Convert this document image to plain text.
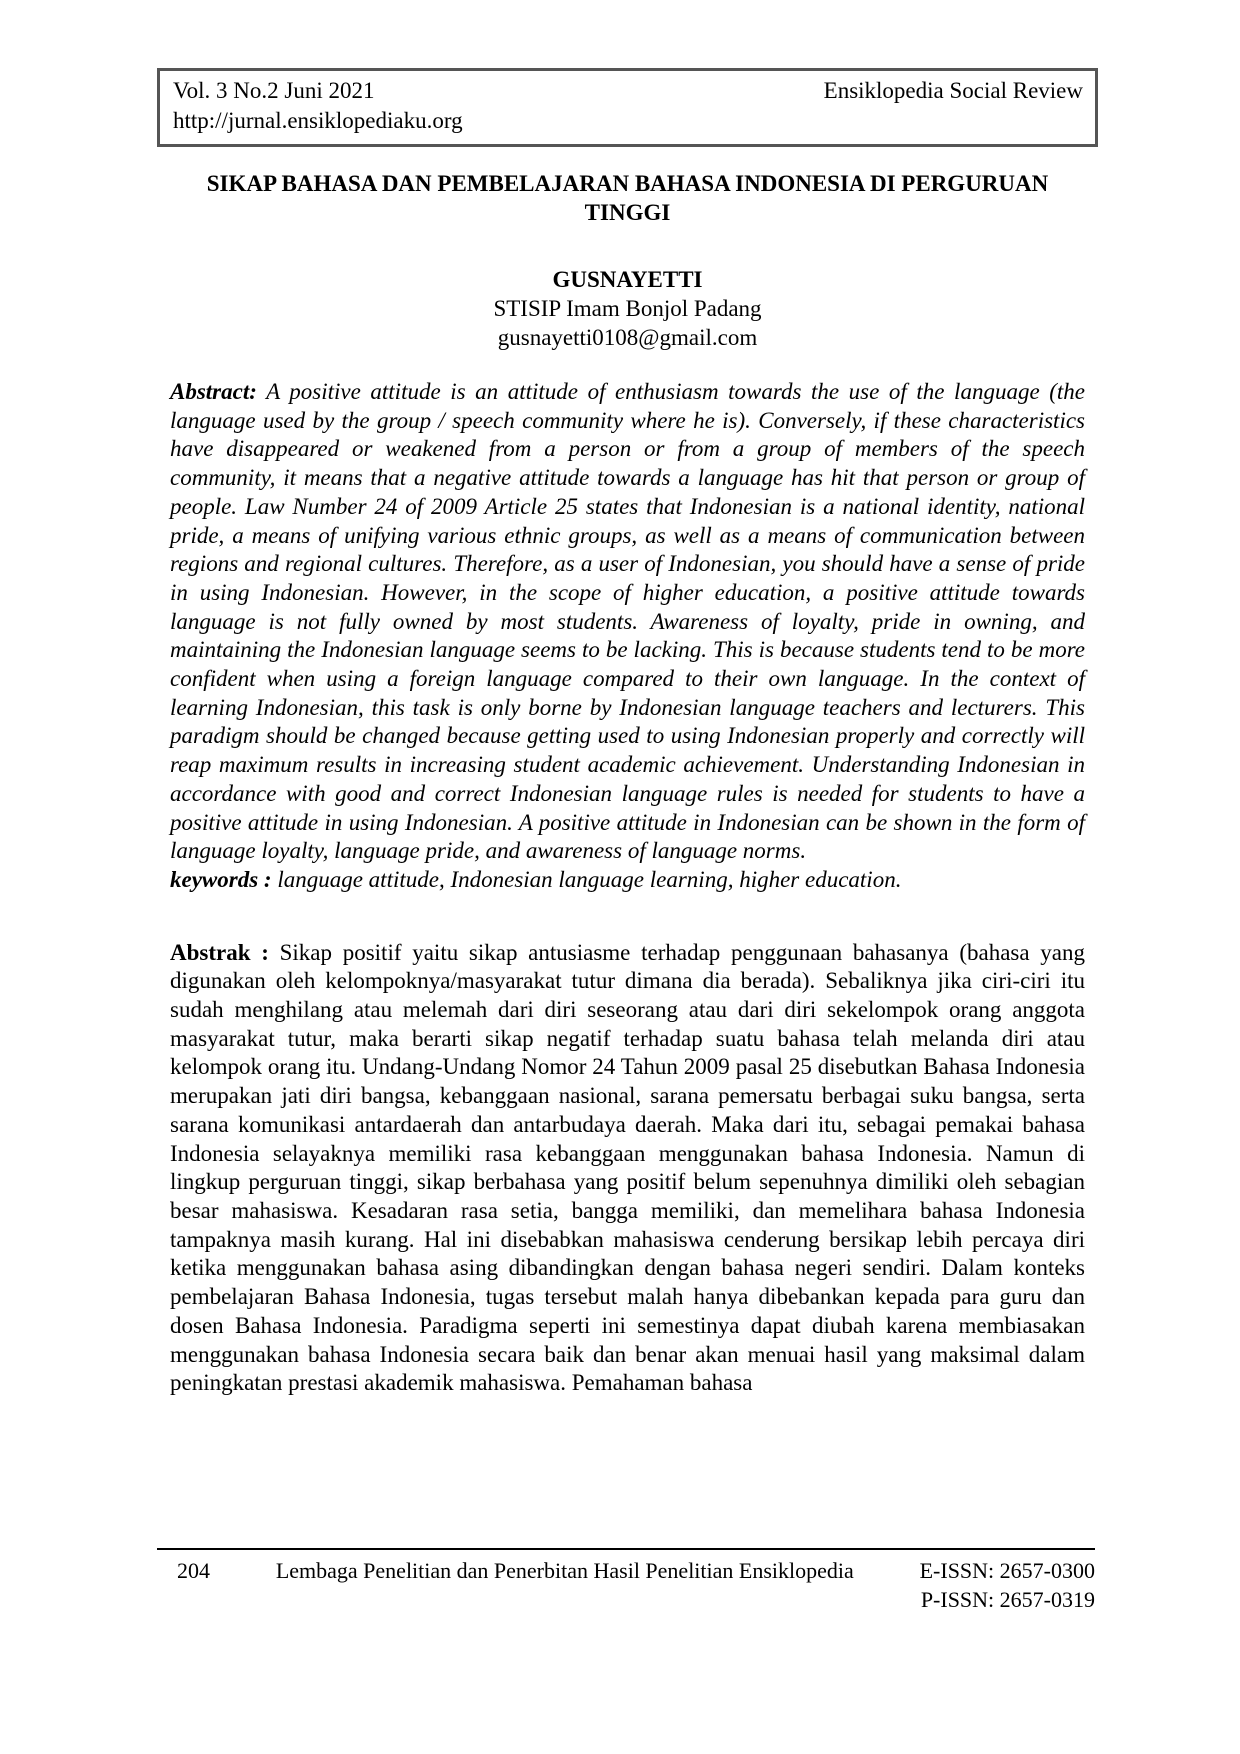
Vol. 3 No.2 Juni 2021	Ensiklopedia Social Review
http://jurnal.ensiklopediaku.org
SIKAP BAHASA DAN PEMBELAJARAN BAHASA INDONESIA DI PERGURUAN TINGGI
GUSNAYETTI
STISIP Imam Bonjol Padang
gusnayetti0108@gmail.com

Abstract: A positive attitude is an attitude of enthusiasm towards the use of the language (the language used by the group / speech community where he is). Conversely, if these characteristics have disappeared or weakened from a person or from a group of members of the speech community, it means that a negative attitude towards a language has hit that person or group of people. Law Number 24 of 2009 Article 25 states that Indonesian is a national identity, national pride, a means of unifying various ethnic groups, as well as a means of communication between regions and regional cultures. Therefore, as a user of Indonesian, you should have a sense of pride in using Indonesian. However, in the scope of higher education, a positive attitude towards language is not fully owned by most students. Awareness of loyalty, pride in owning, and maintaining the Indonesian language seems to be lacking. This is because students tend to be more confident when using a foreign language compared to their own language. In the context of learning Indonesian, this task is only borne by Indonesian language teachers and lecturers. This paradigm should be changed because getting used to using Indonesian properly and correctly will reap maximum results in increasing student academic achievement. Understanding Indonesian in accordance with good and correct Indonesian language rules is needed for students to have a positive attitude in using Indonesian. A positive attitude in Indonesian can be shown in the form of language loyalty, language pride, and awareness of language norms.

keywords : language attitude, Indonesian language learning, higher education.

Abstrak : Sikap positif yaitu sikap antusiasme terhadap penggunaan bahasanya (bahasa yang digunakan oleh kelompoknya/masyarakat tutur dimana dia berada). Sebaliknya jika ciri-ciri itu sudah menghilang atau melemah dari diri seseorang atau dari diri sekelompok orang anggota masyarakat tutur, maka berarti sikap negatif terhadap suatu bahasa telah melanda diri atau kelompok orang itu. Undang-Undang Nomor 24 Tahun 2009 pasal 25 disebutkan Bahasa Indonesia merupakan jati diri bangsa, kebanggaan nasional, sarana pemersatu berbagai suku bangsa, serta sarana komunikasi antardaerah dan antarbudaya daerah. Maka dari itu, sebagai pemakai bahasa Indonesia selayaknya memiliki rasa kebanggaan menggunakan bahasa Indonesia. Namun di lingkup perguruan tinggi, sikap berbahasa yang positif belum sepenuhnya dimiliki oleh sebagian besar mahasiswa. Kesadaran rasa setia, bangga memiliki, dan memelihara bahasa Indonesia tampaknya masih kurang. Hal ini disebabkan mahasiswa cenderung bersikap lebih percaya diri ketika menggunakan bahasa asing dibandingkan dengan bahasa negeri sendiri. Dalam konteks pembelajaran Bahasa Indonesia, tugas tersebut malah hanya dibebankan kepada para guru dan dosen Bahasa Indonesia. Paradigma seperti ini semestinya dapat diubah karena membiasakan menggunakan bahasa Indonesia secara baik dan benar akan menuai hasil yang maksimal dalam peningkatan prestasi akademik mahasiswa. Pemahaman bahasa

204	Lembaga Penelitian dan Penerbitan Hasil Penelitian Ensiklopedia	E-ISSN: 2657-0300
P-ISSN: 2657-0319
